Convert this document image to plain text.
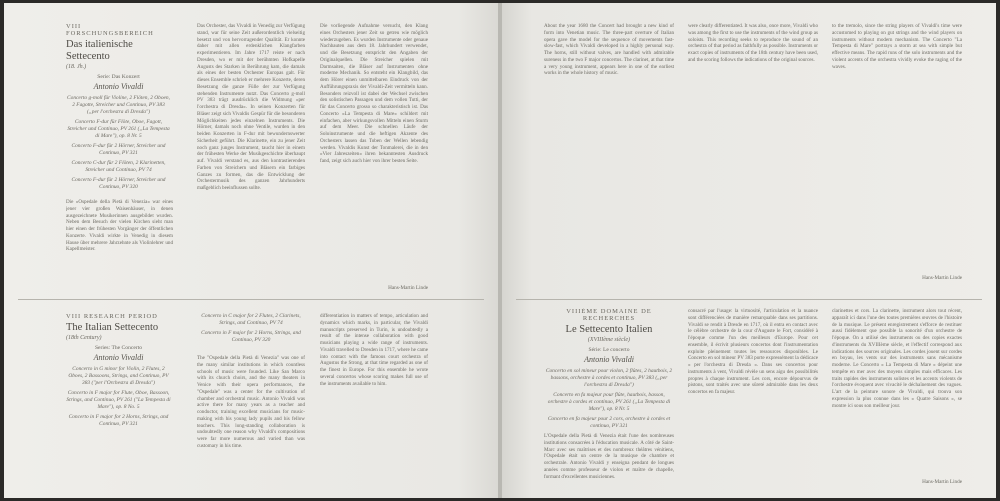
VIII FORSCHUNGSBEREICH
Das italienische Settecento
(18. Jh.)
Serie: Das Konzert
Antonio Vivaldi
Concerto g-moll für Violine, 2 Flöten, 2 Oboen, 2 Fagotte, Streicher und Continuo, PV 383 („per l'orchestra di Dresda")
Concerto F-dur für Flöte, Oboe, Fagott, Streicher und Continuo, PV 261 („La Tempesta di Mare"), op. 8 Nr. 5
Concerto F-dur für 2 Hörner, Streicher und Continuo, PV 321
Concerto C-dur für 2 Flöten, 2 Klarinetten, Streicher und Continuo, PV 74
Concerto F-dur für 2 Hörner, Streicher und Continuo, PV 320
Die »Ospedale della Pietà di Venezia« war eines jener vier großen Waisenhäuser, in denen ausgezeichnete Musikerinnen ausgebildet wurden. Neben dem Besuch der vielen Kirchen sieht man hier einen der frühesten Vorgänger der öffentlichen Konzerte. Vivaldi wirkte in Venedig in diesem Hause über mehrere Jahrzehnte als Violinlehrer und Kapellmeister.
Das Orchester, das Vivaldi in Venedig zur Verfügung stand, war für seine Zeit außerordentlich vielseitig besetzt und von hervorragender Qualität. Er konnte daher mit allen erdenklichen Klangfarben experimentieren. Im Jahre 1717 reiste er nach Dresden, wo er mit der berühmten Hofkapelle Augusts des Starken in Berührung kam, die damals als eines der besten Orchester Europas galt. Für dieses Ensemble schrieb er mehrere Konzerte, deren Besetzung die ganze Fülle der zur Verfügung stehenden Instrumente nutzt. Das Concerto g-moll PV 383 trägt ausdrücklich die Widmung »per l'orchestra di Dresda«. In seinen Konzerten für Bläser zeigt sich Vivaldis Gespür für die besonderen Möglichkeiten jedes einzelnen Instruments. Die Hörner, damals noch ohne Ventile, wurden in den beiden Konzerten in F-dur mit bewundernswerter Sicherheit geführt. Die Klarinette, ein zu jener Zeit noch ganz junges Instrument, taucht hier in einem der frühesten Werke der Musikgeschichte überhaupt auf. Vivaldi verstand es, aus den kontrastierenden Farben von Streichern und Bläsern ein farbiges Ganzes zu formen, das die Entwicklung der Orchestermusik des ganzen Jahrhunderts maßgeblich beeinflussen sollte.
Die vorliegende Aufnahme versucht, den Klang eines Orchesters jener Zeit so getreu wie möglich wiederzugeben. Es wurden Instrumente oder genaue Nachbauten aus dem 18. Jahrhundert verwendet, und die Besetzung entspricht den Angaben der Originalquellen. Die Streicher spielen mit Darmsaiten, die Bläser auf Instrumenten ohne moderne Mechanik. So entsteht ein Klangbild, das dem Hörer einen unmittelbaren Eindruck von der Aufführungspraxis der Vivaldi-Zeit vermitteln kann. Besonders reizvoll ist dabei der Wechsel zwischen den solistischen Passagen und dem vollen Tutti, der für das Concerto grosso so charakteristisch ist. Das Concerto »La Tempesta di Mare« schildert mit einfachen, aber wirkungsvollen Mitteln einen Sturm auf dem Meer. Die schnellen Läufe der Soloinstrumente und die heftigen Akzente des Orchesters lassen das Toben der Wellen lebendig werden. Vivaldis Kunst der Tonmalerei, die in den »Vier Jahreszeiten« ihren bekanntesten Ausdruck fand, zeigt sich auch hier von ihrer besten Seite.
Hans-Martin Linde
VIII RESEARCH PERIOD
The Italian Settecento
(18th Century)
Series: The Concerto
Antonio Vivaldi
Concerto in G minor for Violin, 2 Flutes, 2 Oboes, 2 Bassoons, Strings, and Continuo, PV 383 ("per l'Orchestra di Dresda")
Concerto in F major for Flute, Oboe, Bassoon, Strings, and Continuo, PV 261 ("La Tempesta di Mare"), op. 8 No. 5
Concerto in F major for 2 Horns, Strings, and Continuo, PV 321
Concerto in C major for 2 Flutes, 2 Clarinets, Strings, and Continuo, PV 74
Concerto in F major for 2 Horns, Strings, and Continuo, PV 320
The "Ospedale della Pietà di Venezia" was one of the many similar institutions in which countless schools of music were founded. Like San Marco with its church choirs, and the many theaters in Venice with their opera performances, the "Ospedale" was a center for the cultivation of chamber and orchestral music. Antonio Vivaldi was active there for many years as a teacher and conductor, training excellent musicians for music-making with his young lady pupils and his fellow teachers. This long-standing collaboration is undoubtedly one reason why Vivaldi's compositions were far more numerous and varied than was customary in his time.
differentiation in matters of tempo, articulation and dynamics which marks, in particular, the Vivaldi manuscripts preserved in Turin, is undoubtedly a result of the intense collaboration with good musicians playing a wide range of instruments. Vivaldi travelled to Dresden in 1717, where he came into contact with the famous court orchestra of Augustus the Strong, at that time regarded as one of the finest in Europe. For this ensemble he wrote several concertos whose scoring makes full use of the instruments available to him.
About the year 1680 the Concert had brought a new kind of form into Venetian music. The three-part overture of Italian opera gave the model for the sequence of movements fast-slow-fast, which Vivaldi developed in a highly personal way. The horns, still without valves, are handled with admirable sureness in the two F major concertos. The clarinet, at that time a very young instrument, appears here in one of the earliest works in the whole history of music.
were clearly differentiated. It was also, once more, Vivaldi who was among the first to use the instruments of the wind group as soloists. This recording seeks to reproduce the sound of an orchestra of that period as faithfully as possible. Instruments or exact copies of instruments of the 18th century have been used, and the scoring follows the indications of the original sources.
to the tremolo, since the string players of Vivaldi's time were accustomed to playing on gut strings and the wind players on instruments without modern mechanism. The Concerto "La Tempesta di Mare" portrays a storm at sea with simple but effective means. The rapid runs of the solo instruments and the violent accents of the orchestra vividly evoke the raging of the waves.
Hans-Martin Linde
VIIIÈME DOMAINE DE RECHERCHES
Le Settecento Italien
(XVIIIème siècle)
Série: Le concerto
Antonio Vivaldi
Concerto en sol mineur pour violon, 2 flûtes, 2 hautbois, 2 bassons, orchestre à cordes et continuo, PV 383 („per l'orchestra di Dresda")
Concerto en fa majeur pour flûte, hautbois, basson, orchestre à cordes et continuo, PV 261 („La Tempesta di Mare"), op. 8 Nr. 5
Concerto en fa majeur pour 2 cors, orchestre à cordes et continuo, PV 321
L'Ospedale della Pietà di Venezia était l'une des nombreuses institutions consacrées à l'éducation musicale. A côté de Saint-Marc avec ses maîtrises et des nombreux théâtres vénitiens, l'Ospedale était un centre de la musique de chambre et orchestrale. Antonio Vivaldi y enseigna pendant de longues années comme professeur de violon et maître de chapelle, formant d'excellentes musiciennes.
consacré par l'usage: la virtuosité, l'articulation et la nuance sont différenciées de manière remarquable dans ses partitions. Vivaldi se rendit à Dresde en 1717, où il entra en contact avec le célèbre orchestre de la cour d'Auguste le Fort, considéré à l'époque comme l'un des meilleurs d'Europe. Pour cet ensemble, il écrivit plusieurs concertos dont l'instrumentation exploite pleinement toutes les ressources disponibles. Le Concerto en sol mineur PV 383 porte expressément la dédicace « per l'orchestra di Dresda ». Dans ses concertos pour instruments à vent, Vivaldi révèle un sens aigu des possibilités propres à chaque instrument. Les cors, encore dépourvus de pistons, sont traités avec une sûreté admirable dans les deux concertos en fa majeur.
clarinettes et cors. La clarinette, instrument alors tout récent, apparaît ici dans l'une des toutes premières œuvres de l'histoire de la musique. Le présent enregistrement s'efforce de restituer aussi fidèlement que possible la sonorité d'un orchestre de l'époque. On a utilisé des instruments ou des copies exactes d'instruments du XVIIIème siècle, et l'effectif correspond aux indications des sources originales. Les cordes jouent sur cordes en boyau, les vents sur des instruments sans mécanisme moderne. Le Concerto « La Tempesta di Mare » dépeint une tempête en mer avec des moyens simples mais efficaces. Les traits rapides des instruments solistes et les accents violents de l'orchestre évoquent avec vivacité le déchaînement des vagues. L'art de la peinture sonore de Vivaldi, qui trouva son expression la plus connue dans les « Quatre Saisons », se montre ici sous son meilleur jour.
Hans-Martin Linde
